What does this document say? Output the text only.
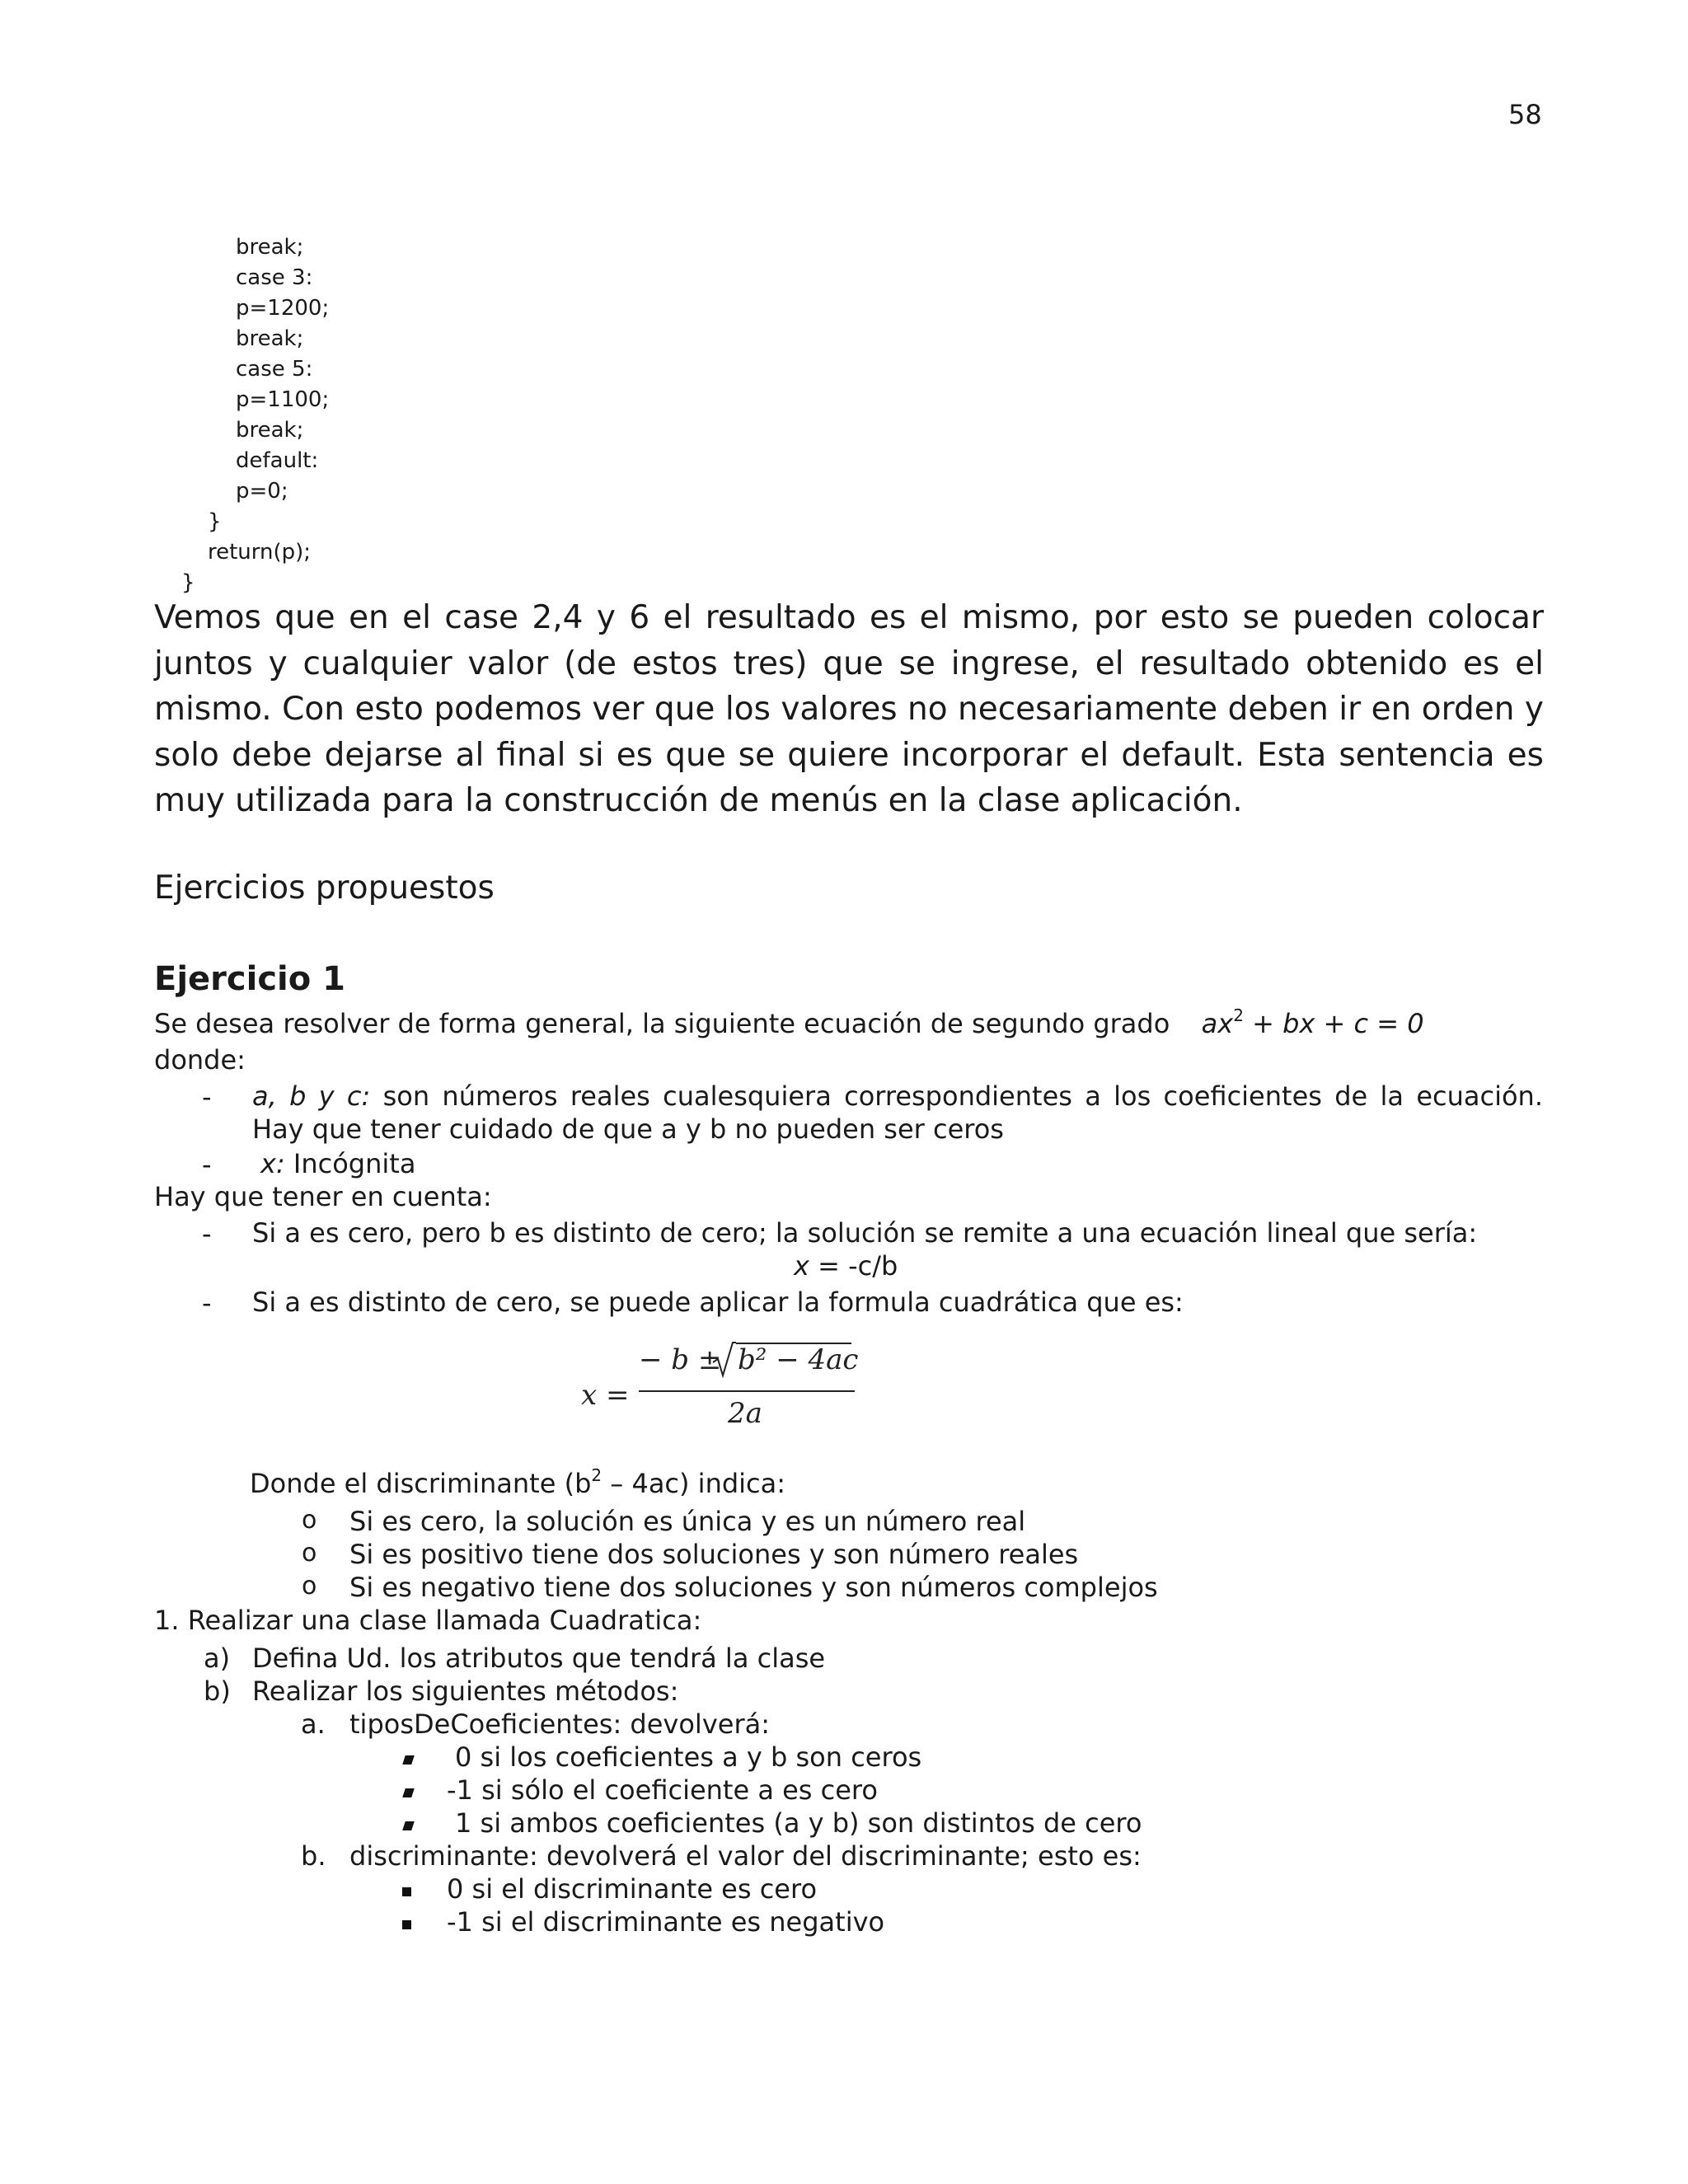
58
break;
case 3:
p=1200;
break;
case 5:
p=1100;
break;
default:
p=0;
}
return(p);
}
Vemos que en el case 2,4 y 6 el resultado es el mismo, por esto se pueden colocar juntos y cualquier valor (de estos tres) que se ingrese, el resultado obtenido es el mismo. Con esto podemos ver que los valores no necesariamente deben ir en orden y solo debe dejarse al final si es que se quiere incorporar el default. Esta sentencia es muy utilizada para la construcción de menús en la clase aplicación.
Ejercicios propuestos
Ejercicio 1
Se desea resolver de forma general, la siguiente ecuación de segundo grado $ax^2$ + bx + c = 0
donde:
- a, b y c: son números reales cualesquiera correspondientes a los coeficientes de la ecuación. Hay que tener cuidado de que a y b no pueden ser ceros
- x: Incógnita
Hay que tener en cuenta:
- Si a es cero, pero b es distinto de cero; la solución se remite a una ecuación lineal que sería:
x = -c/b
- Si a es distinto de cero, se puede aplicar la formula cuadrática que es:
x =
− b ± b² − 4ac
2a
Donde el discriminante $(b^2 - 4ac)$ indica:
o Si es cero, la solución es única y es un número real
o Si es positivo tiene dos soluciones y son número reales
o Si es negativo tiene dos soluciones y son números complejos
1. Realizar una clase llamada Cuadratica:
a) Defina Ud. los atributos que tendrá la clase
b) Realizar los siguientes métodos:
a. tiposDeCoeficientes: devolverá:
0 si los coeficientes a y b son ceros
-1 si sólo el coeficiente a es cero
1 si ambos coeficientes (a y b) son distintos de cero
b. discriminante: devolverá el valor del discriminante; esto es:
0 si el discriminante es cero
-1 si el discriminante es negativo
